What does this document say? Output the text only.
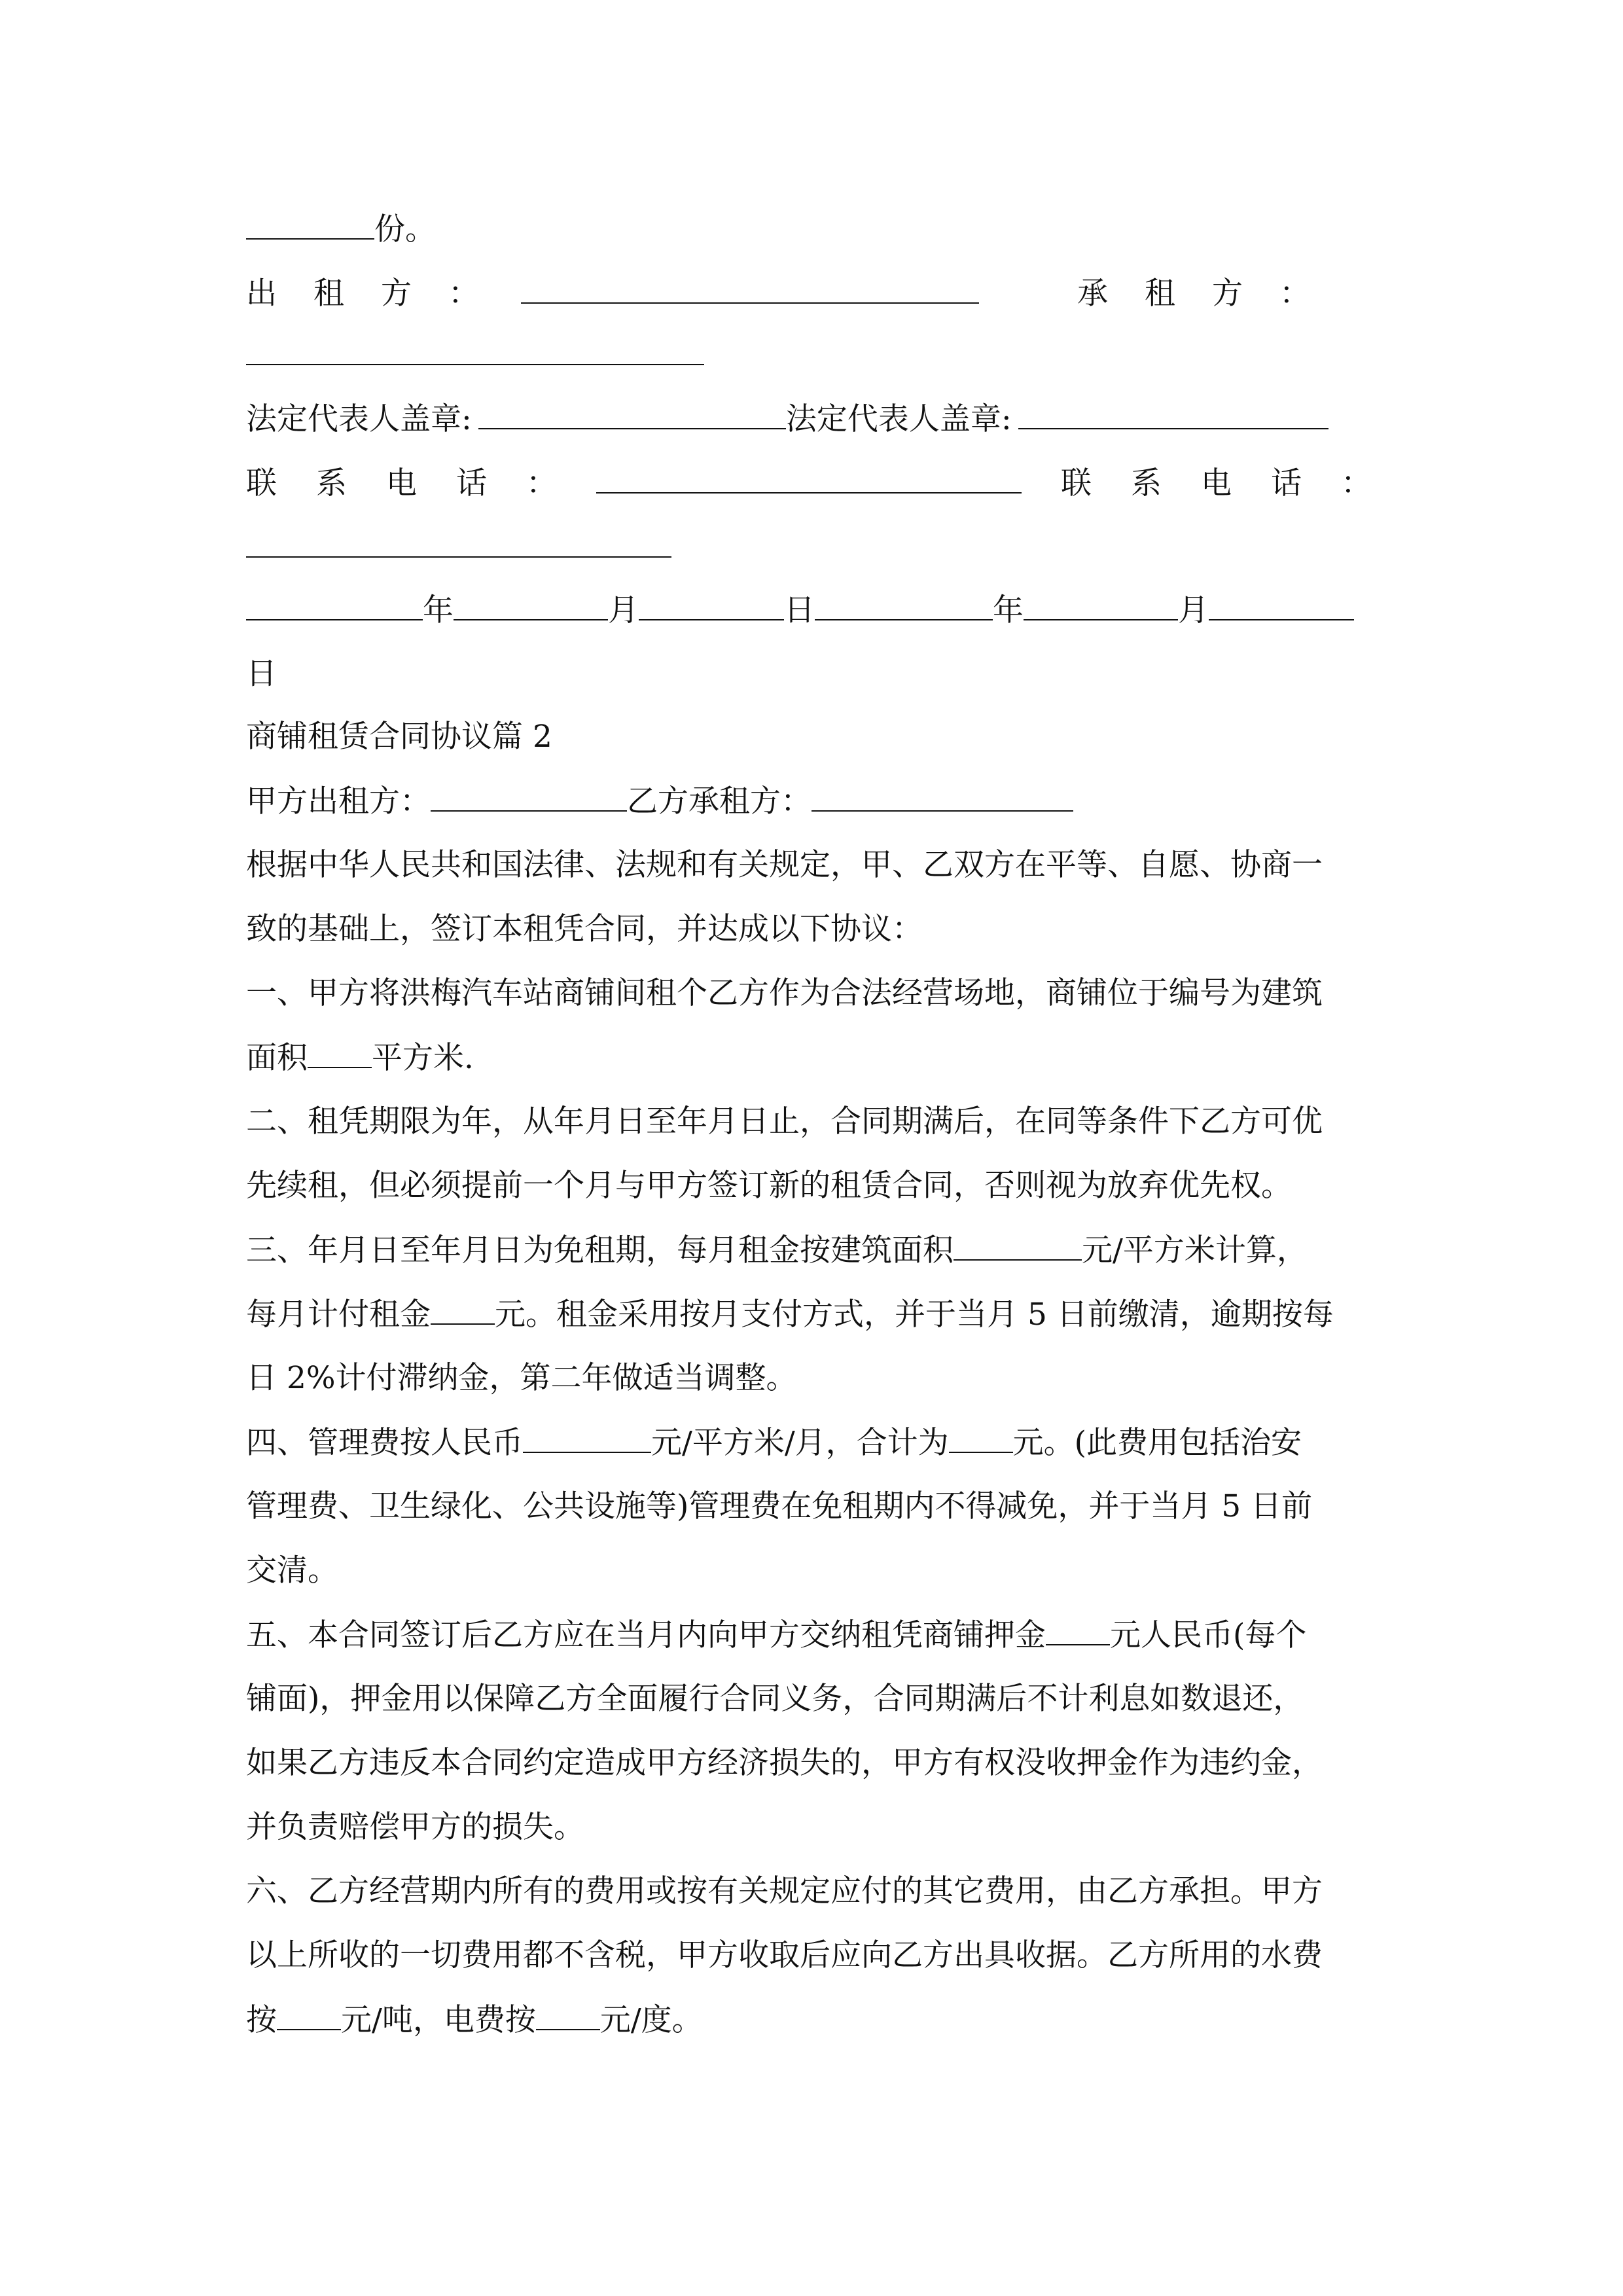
份。
出租方：	承租方：
法定代表人盖章:	法定代表人盖章:
联系电话：	联系电话：
年	月	日	年	月
日
商铺租赁合同协议篇 2
甲方出租方：	乙方承租方：
根据中华人民共和国法律、法规和有关规定，甲、乙双方在平等、自愿、协商一
致的基础上，签订本租凭合同，并达成以下协议：
一、甲方将洪梅汽车站商铺间租个乙方作为合法经营场地，商铺位于编号为建筑
面积 平方米.
二、租凭期限为年，从年月日至年月日止，合同期满后，在同等条件下乙方可优
先续租，但必须提前一个月与甲方签订新的租赁合同，否则视为放弃优先权。
三、年月日至年月日为免租期，每月租金按建筑面积	元/平方米计算，
每月计付租金 元。租金采用按月支付方式，并于当月 5 日前缴清，逾期按每
日 2%计付滞纳金，第二年做适当调整。
四、管理费按人民币	元/平方米/月，合计为 元。(此费用包括治安
管理费、卫生绿化、公共设施等)管理费在免租期内不得减免，并于当月 5 日前
交清。
五、本合同签订后乙方应在当月内向甲方交纳租凭商铺押金 元人民币(每个
铺面)，押金用以保障乙方全面履行合同义务，合同期满后不计利息如数退还，
如果乙方违反本合同约定造成甲方经济损失的，甲方有权没收押金作为违约金，
并负责赔偿甲方的损失。
六、乙方经营期内所有的费用或按有关规定应付的其它费用，由乙方承担。甲方
以上所收的一切费用都不含税，甲方收取后应向乙方出具收据。乙方所用的水费
按 元/吨，电费按 元/度。
